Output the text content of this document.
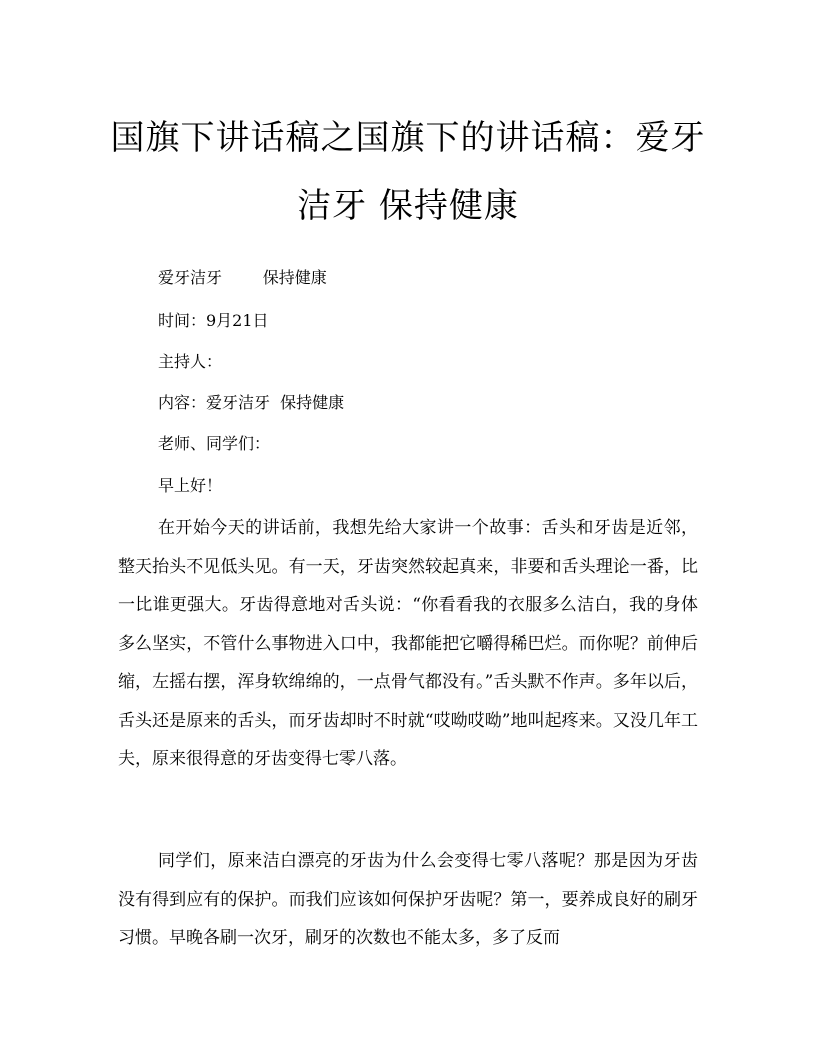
国旗下讲话稿之国旗下的讲话稿：爱牙洁牙 保持健康
爱牙洁牙        保持健康
时间：9月21日
主持人：
内容：爱牙洁牙  保持健康
老师、同学们：
早上好！

在开始今天的讲话前，我想先给大家讲一个故事：舌头和牙齿是近邻，整天抬头不见低头见。有一天，牙齿突然较起真来，非要和舌头理论一番，比一比谁更强大。牙齿得意地对舌头说：“你看看我的衣服多么洁白，我的身体多么坚实，不管什么事物进入口中，我都能把它嚼得稀巴烂。而你呢？前伸后缩，左摇右摆，浑身软绵绵的，一点骨气都没有。”舌头默不作声。多年以后，舌头还是原来的舌头，而牙齿却时不时就“哎呦哎呦”地叫起疼来。又没几年工夫，原来很得意的牙齿变得七零八落。

同学们，原来洁白漂亮的牙齿为什么会变得七零八落呢？那是因为牙齿没有得到应有的保护。而我们应该如何保护牙齿呢？第一，要养成良好的刷牙习惯。早晚各刷一次牙，刷牙的次数也不能太多，多了反而
